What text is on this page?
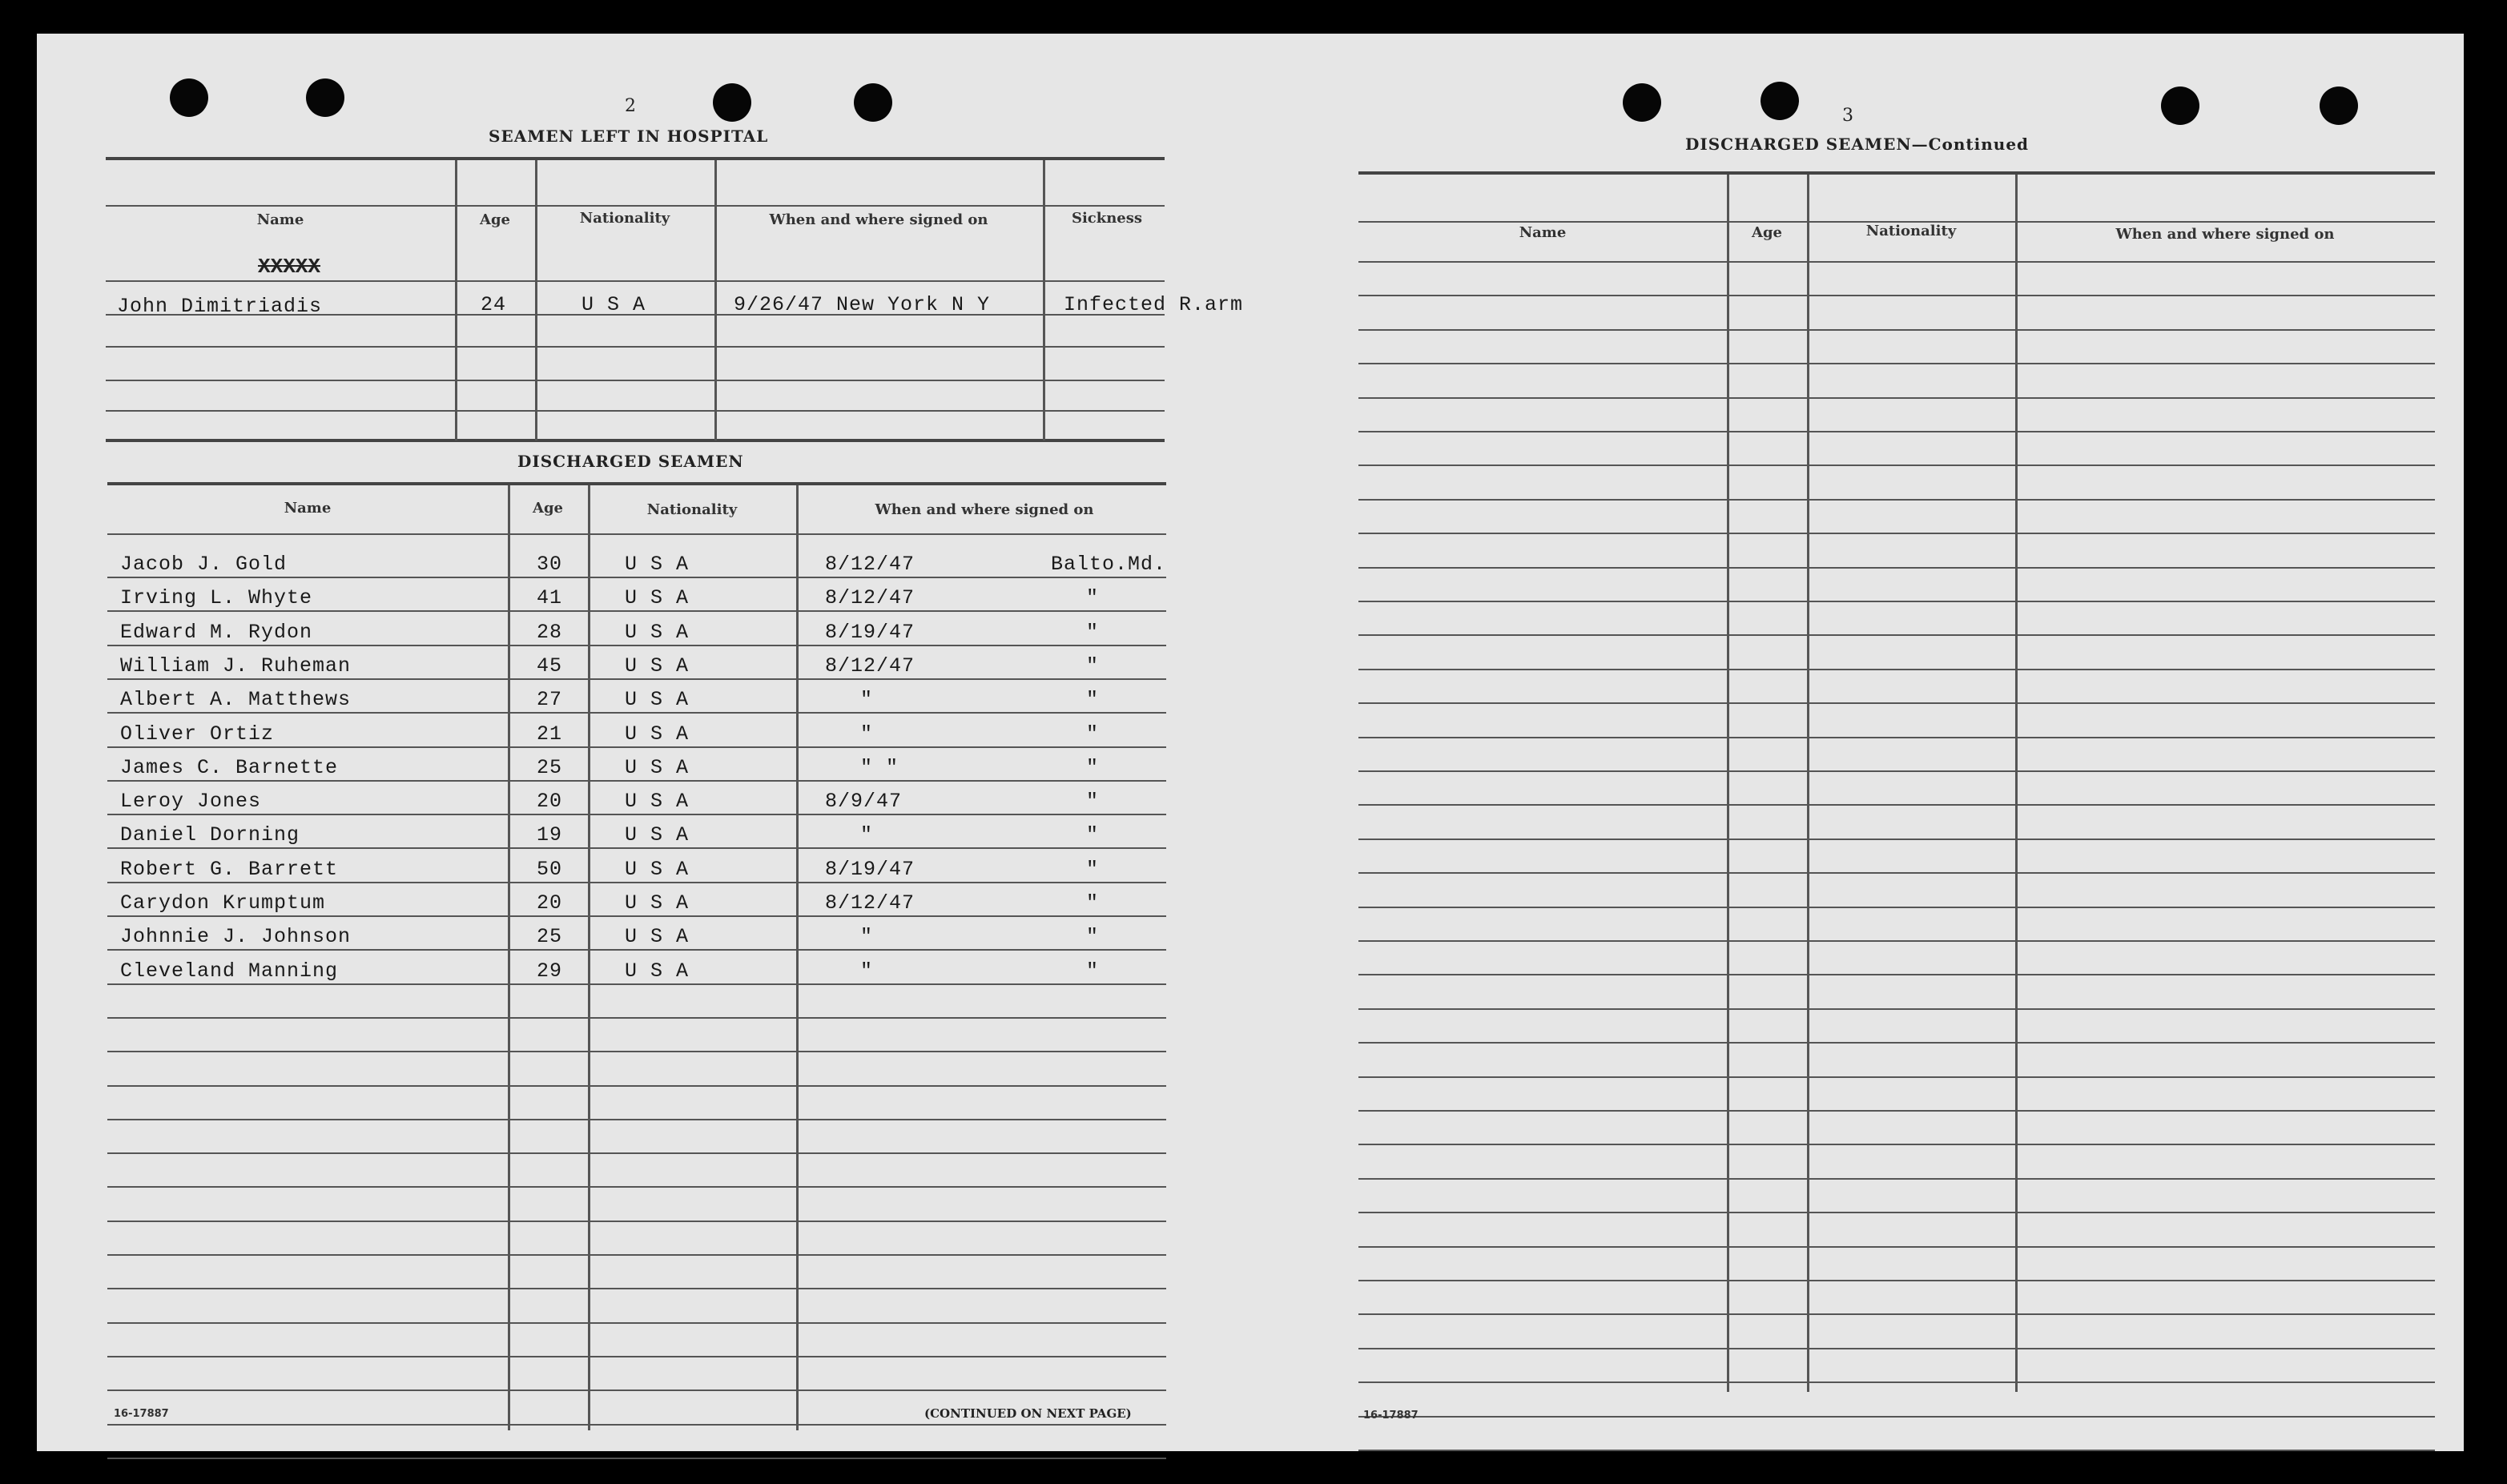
2
SEAMEN LEFT IN HOSPITAL
Name	Age	Nationality	When and where signed on	Sickness
XXXXX
John Dimitriadis	24	U S A	9/26/47 New York N Y	Infected R.arm
DISCHARGED SEAMEN
Name	Age	Nationality	When and where signed on
Jacob J. Gold	30	U S A	8/12/47	Balto.Md.
Irving L. Whyte	41	U S A	8/12/47	"
Edward M. Rydon	28	U S A	8/19/47	"
William J. Ruheman	45	U S A	8/12/47	"
Albert A. Matthews	27	U S A	"	"
Oliver Ortiz	21	U S A	"	"
James C. Barnette	25	U S A	" "	"
Leroy Jones	20	U S A	8/9/47	"
Daniel Dorning	19	U S A	"	"
Robert G. Barrett	50	U S A	8/19/47	"
Carydon Krumptum	20	U S A	8/12/47	"
Johnnie J. Johnson	25	U S A	"	"
Cleveland Manning	29	U S A	"	"
16-17887	(CONTINUED ON NEXT PAGE)
3
DISCHARGED SEAMEN—Continued
Name	Age	Nationality	When and where signed on
16-17887
